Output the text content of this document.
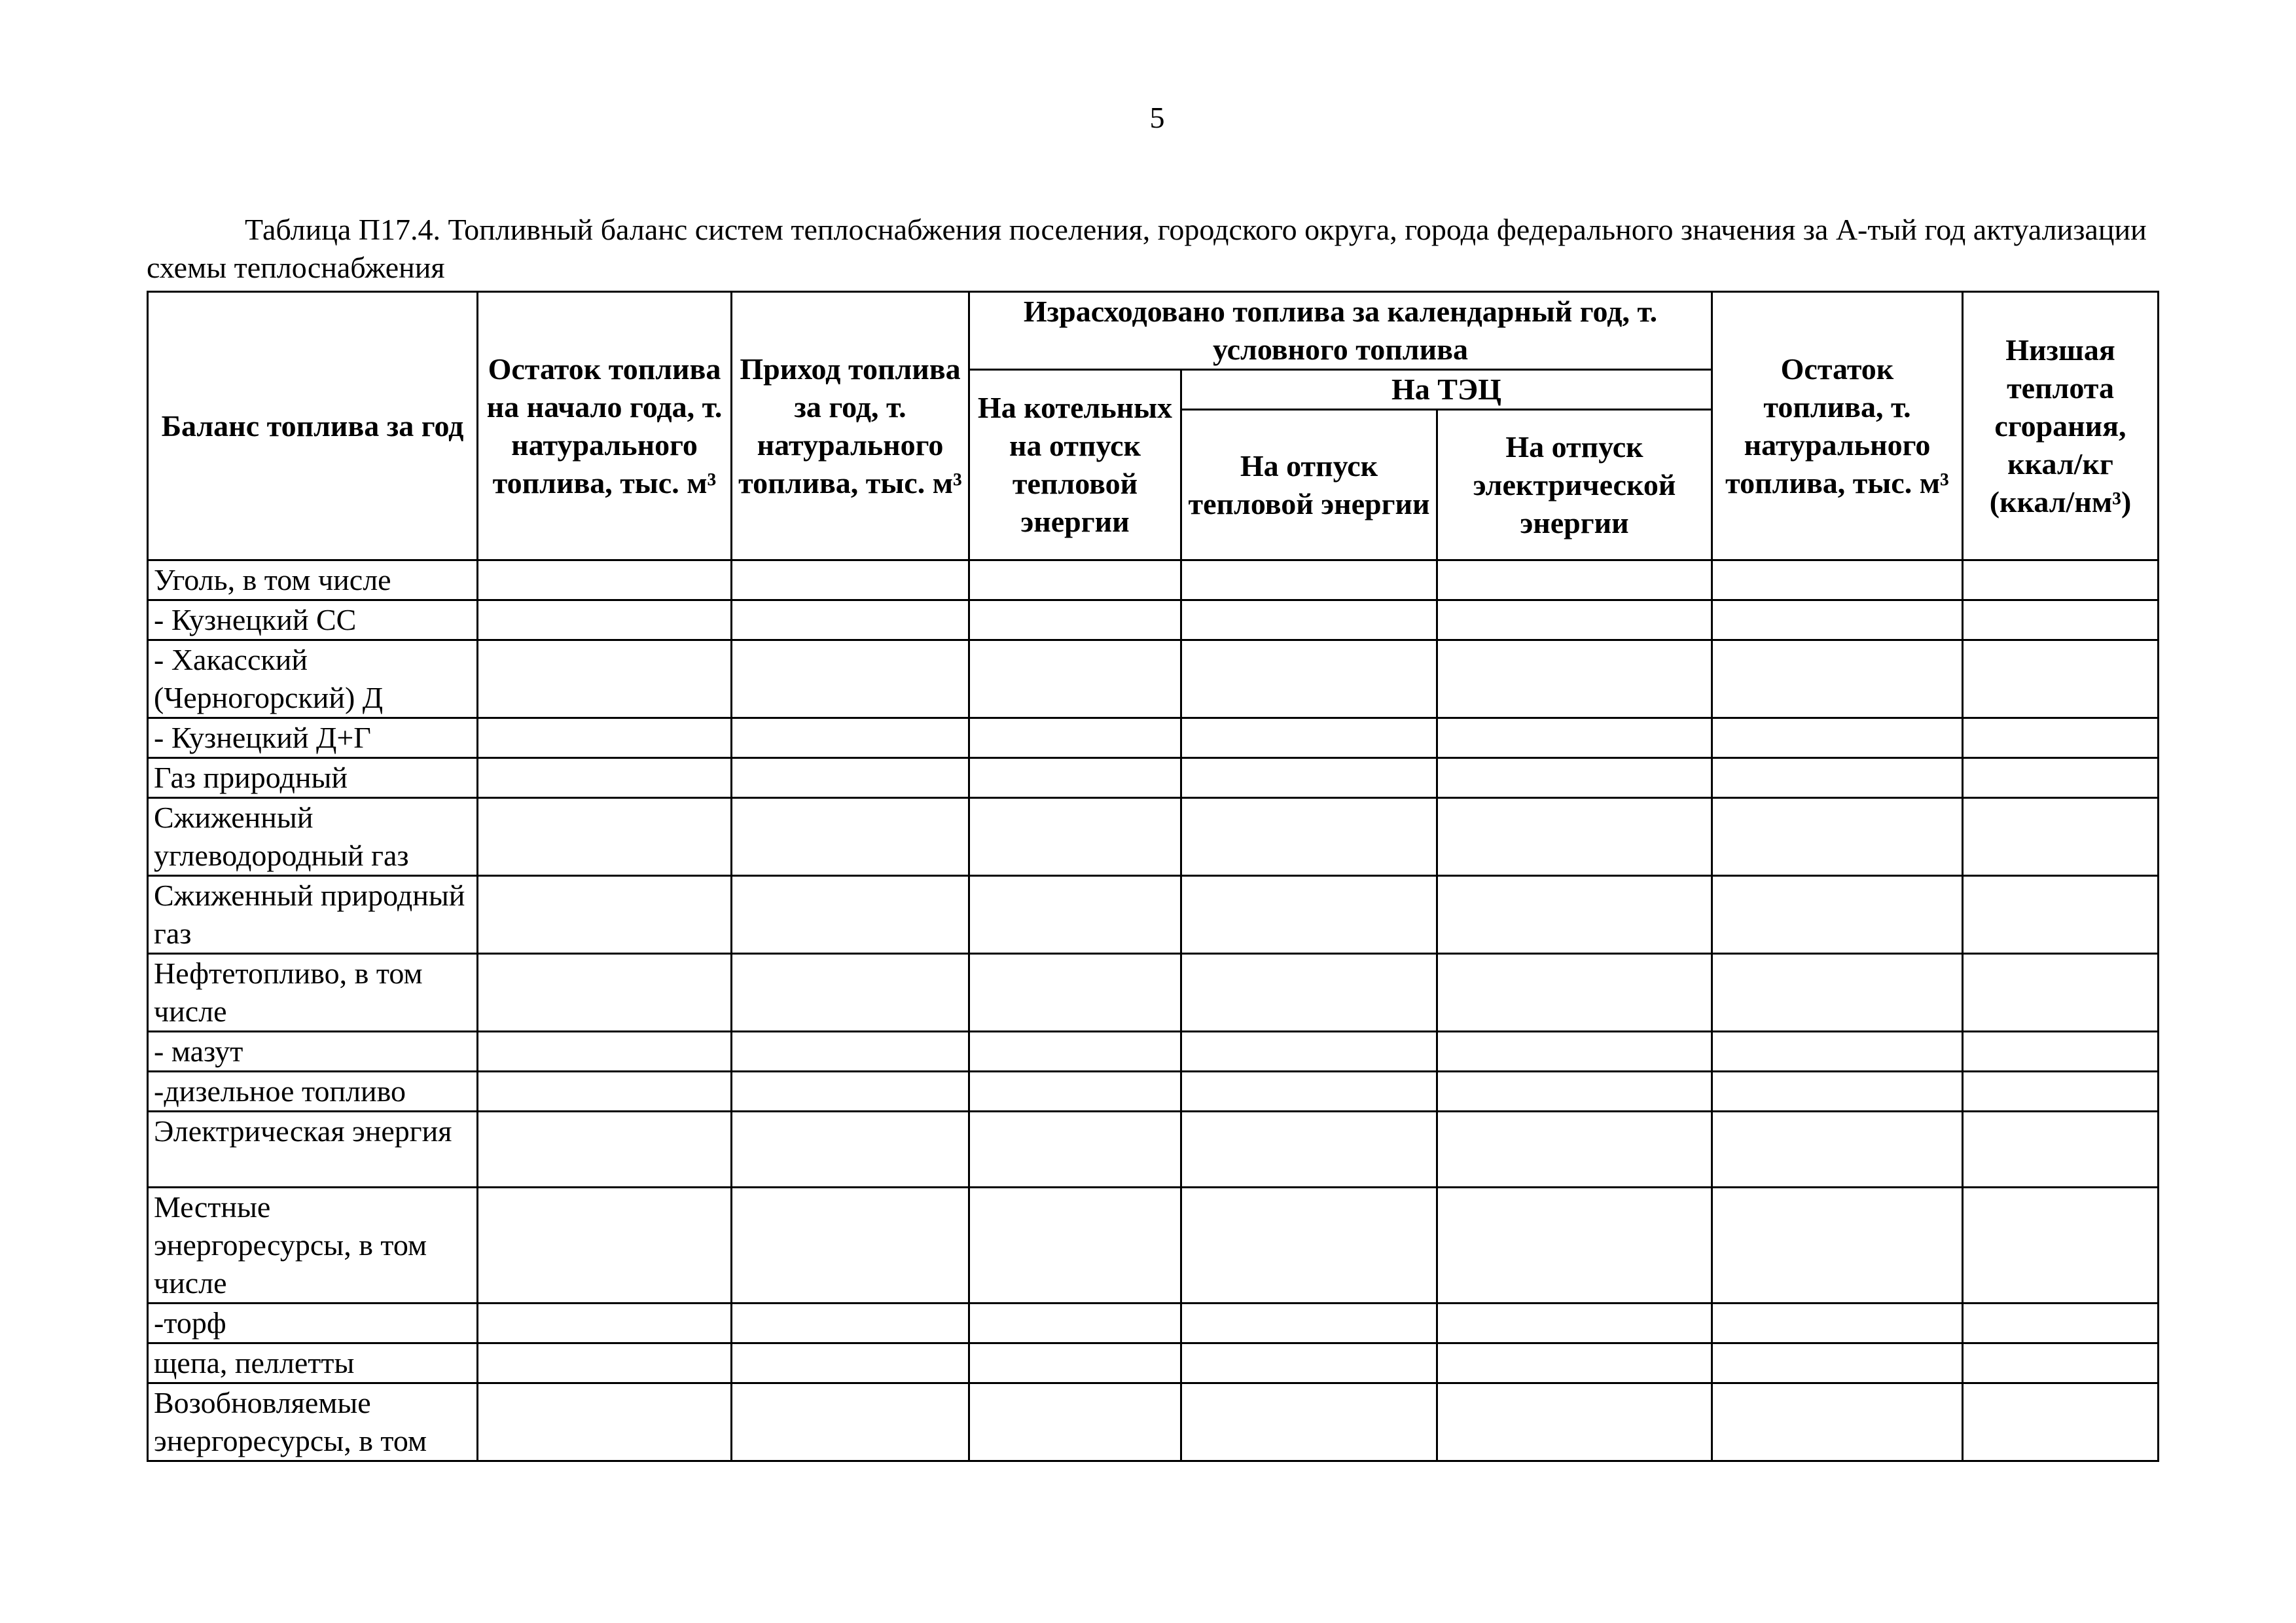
5
Таблица П17.4. Топливный баланс систем теплоснабжения поселения, городского округа, города федерального значения за А-тый год актуализации схемы теплоснабжения
Баланс топлива за год	Остаток топлива на начало года, т. натурального топлива, тыс. м³	Приход топлива за год, т. натурального топлива, тыс. м³	Израсходовано топлива за календарный год, т. условного топлива			Остаток топлива, т. натурального топлива, тыс. м³	Низшая теплота сгорания, ккал/кг (ккал/нм³)
			На котельных на отпуск тепловой энергии	На ТЭЦ			
				На отпуск тепловой энергии	На отпуск электрической энергии		
Уголь, в том числе							
- Кузнецкий СС							
- Хакасский (Черногорский) Д							
- Кузнецкий Д+Г							
Газ природный							
Сжиженный углеводородный газ							
Сжиженный природный газ							
Нефтетопливо, в том числе							
- мазут							
-дизельное топливо							
Электрическая энергия							
Местные энергоресурсы, в том числе							
-торф							
щепа, пеллетты							
Возобновляемые энергоресурсы, в том							
